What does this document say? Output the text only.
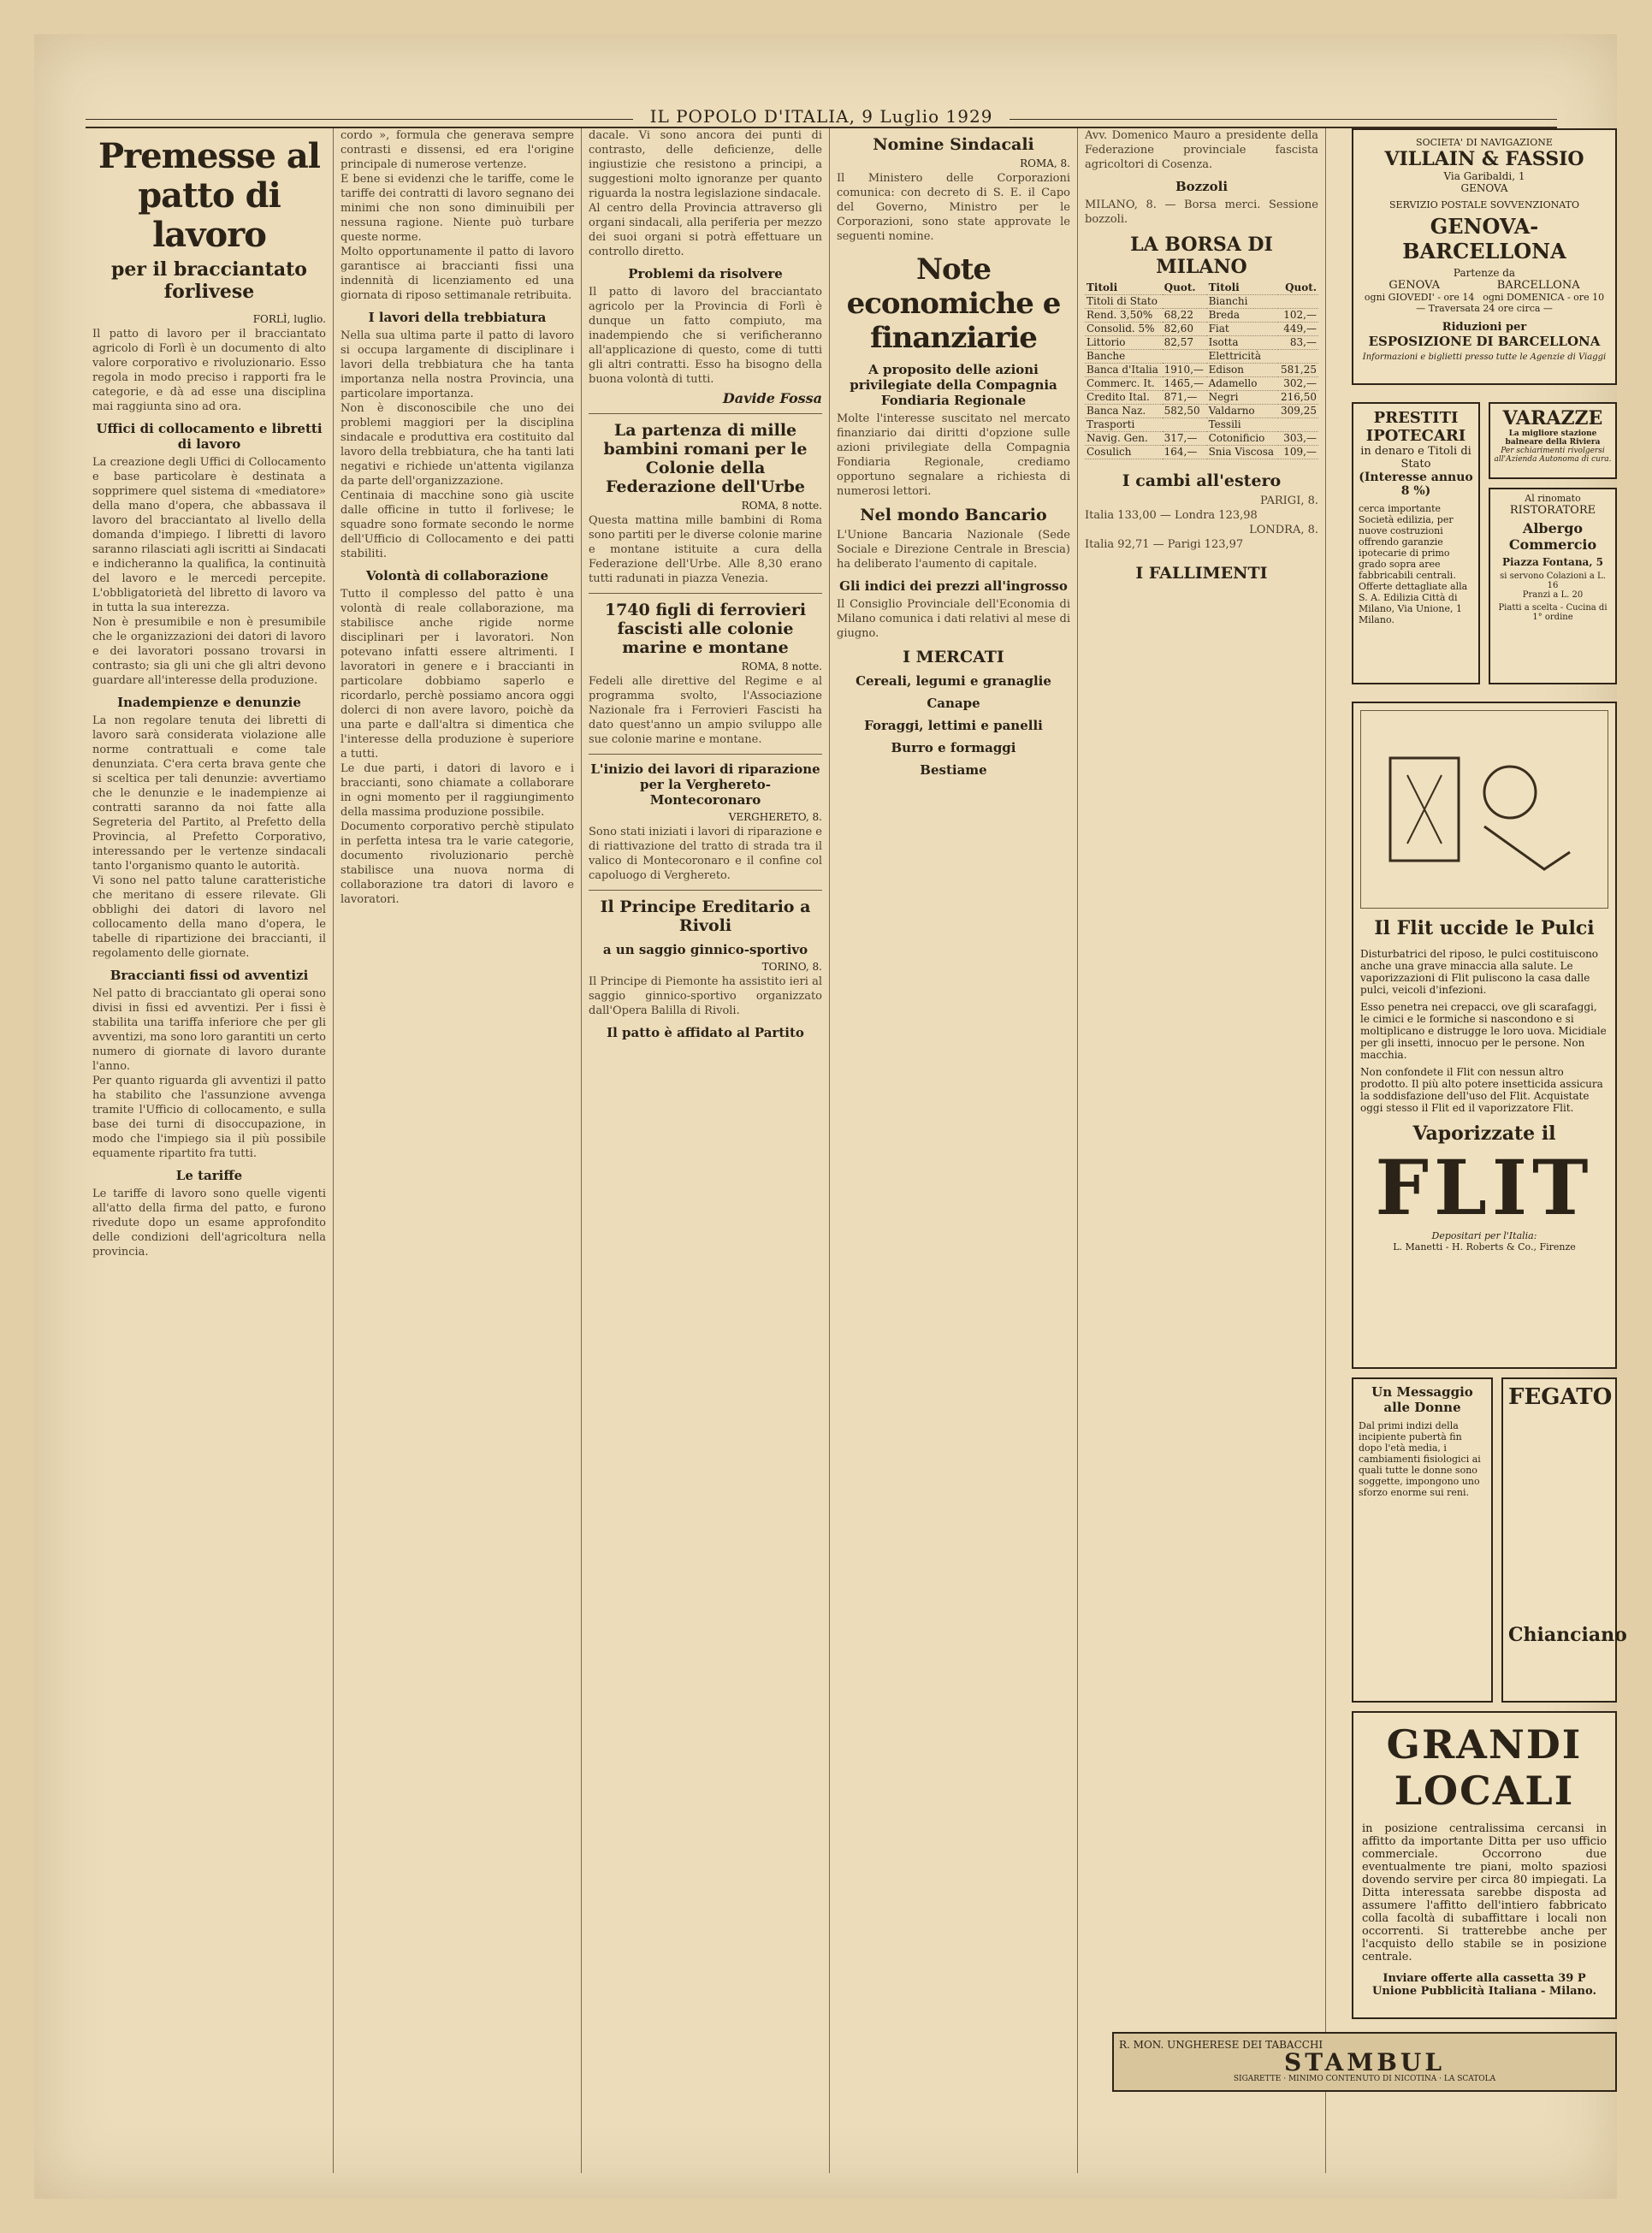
IL POPOLO D'ITALIA, 9 Luglio 1929
Premesse al patto di lavoro
per il bracciantato forlivese
FORLÌ, luglio.
Il patto di lavoro per il bracciantato agricolo di Forlì è un documento di alto valore corporativo e rivoluzionario. Esso regola in modo preciso i rapporti fra le categorie, e dà ad esse una disciplina mai raggiunta sino ad ora.
Uffici di collocamento e libretti di lavoro
La creazione degli Uffici di Collocamento e base particolare è destinata a sopprimere quel sistema di «mediatore» della mano d'opera, che abbassava il lavoro del bracciantato al livello della domanda d'impiego. I libretti di lavoro saranno rilasciati agli iscritti ai Sindacati e indicheranno la qualifica, la continuità del lavoro e le mercedi percepite. L'obbligatorietà del libretto di lavoro va in tutta la sua interezza.
Non è presumibile e non è presumibile che le organizzazioni dei datori di lavoro e dei lavoratori possano trovarsi in contrasto; sia gli uni che gli altri devono guardare all'interesse della produzione.
Inadempienze e denunzie
La non regolare tenuta dei libretti di lavoro sarà considerata violazione alle norme contrattuali e come tale denunziata. C'era certa brava gente che si sceltica per tali denunzie: avvertiamo che le denunzie e le inadempienze ai contratti saranno da noi fatte alla Segreteria del Partito, al Prefetto della Provincia, al Prefetto Corporativo, interessando per le vertenze sindacali tanto l'organismo quanto le autorità.
Vi sono nel patto talune caratteristiche che meritano di essere rilevate. Gli obblighi dei datori di lavoro nel collocamento della mano d'opera, le tabelle di ripartizione dei braccianti, il regolamento delle giornate.
Braccianti fissi od avventizi
Nel patto di bracciantato gli operai sono divisi in fissi ed avventizi. Per i fissi è stabilita una tariffa inferiore che per gli avventizi, ma sono loro garantiti un certo numero di giornate di lavoro durante l'anno.
Per quanto riguarda gli avventizi il patto ha stabilito che l'assunzione avvenga tramite l'Ufficio di collocamento, e sulla base dei turni di disoccupazione, in modo che l'impiego sia il più possibile equamente ripartito fra tutti.
Le tariffe
Le tariffe di lavoro sono quelle vigenti all'atto della firma del patto, e furono rivedute dopo un esame approfondito delle condizioni dell'agricoltura nella provincia.
cordo », formula che generava sempre contrasti e dissensi, ed era l'origine principale di numerose vertenze.
E bene si evidenzi che le tariffe, come le tariffe dei contratti di lavoro segnano dei minimi che non sono diminuibili per nessuna ragione. Niente può turbare queste norme.
Molto opportunamente il patto di lavoro garantisce ai braccianti fissi una indennità di licenziamento ed una giornata di riposo settimanale retribuita.
I lavori della trebbiatura
Nella sua ultima parte il patto di lavoro si occupa largamente di disciplinare i lavori della trebbiatura che ha tanta importanza nella nostra Provincia, una particolare importanza.
Non è disconoscibile che uno dei problemi maggiori per la disciplina sindacale e produttiva era costituito dal lavoro della trebbiatura, che ha tanti lati negativi e richiede un'attenta vigilanza da parte dell'organizzazione.
Centinaia di macchine sono già uscite dalle officine in tutto il forlivese; le squadre sono formate secondo le norme dell'Ufficio di Collocamento e dei patti stabiliti.
Volontà di collaborazione
Tutto il complesso del patto è una volontà di reale collaborazione, ma stabilisce anche rigide norme disciplinari per i lavoratori. Non potevano infatti essere altrimenti. I lavoratori in genere e i braccianti in particolare dobbiamo saperlo e ricordarlo, perchè possiamo ancora oggi dolerci di non avere lavoro, poichè da una parte e dall'altra si dimentica che l'interesse della produzione è superiore a tutti.
Le due parti, i datori di lavoro e i braccianti, sono chiamate a collaborare in ogni momento per il raggiungimento della massima produzione possibile.
Documento corporativo perchè stipulato in perfetta intesa tra le varie categorie, documento rivoluzionario perchè stabilisce una nuova norma di collaborazione tra datori di lavoro e lavoratori.
dacale. Vi sono ancora dei punti di contrasto, delle deficienze, delle ingiustizie che resistono a principi, a suggestioni molto ignoranze per quanto riguarda la nostra legislazione sindacale.
Al centro della Provincia attraverso gli organi sindacali, alla periferia per mezzo dei suoi organi si potrà effettuare un controllo diretto.
Problemi da risolvere
Il patto di lavoro del bracciantato agricolo per la Provincia di Forlì è dunque un fatto compiuto, ma inadempiendo che si verificheranno all'applicazione di questo, come di tutti gli altri contratti. Esso ha bisogno della buona volontà di tutti.
Davide Fossa
La partenza di mille bambini romani per le Colonie della Federazione dell'Urbe
ROMA, 8 notte.
Questa mattina mille bambini di Roma sono partiti per le diverse colonie marine e montane istituite a cura della Federazione dell'Urbe. Alle 8,30 erano tutti radunati in piazza Venezia.
1740 figli di ferrovieri fascisti alle colonie marine e montane
ROMA, 8 notte.
Fedeli alle direttive del Regime e al programma svolto, l'Associazione Nazionale fra i Ferrovieri Fascisti ha dato quest'anno un ampio sviluppo alle sue colonie marine e montane.
L'inizio dei lavori di riparazione per la Verghereto-Montecoronaro
VERGHERETO, 8.
Sono stati iniziati i lavori di riparazione e di riattivazione del tratto di strada tra il valico di Montecoronaro e il confine col capoluogo di Verghereto.
Il Principe Ereditario a Rivoli
a un saggio ginnico-sportivo
TORINO, 8.
Il Principe di Piemonte ha assistito ieri al saggio ginnico-sportivo organizzato dall'Opera Balilla di Rivoli.
Il patto è affidato al Partito
Nomine Sindacali
ROMA, 8.
Il Ministero delle Corporazioni comunica: con decreto di S. E. il Capo del Governo, Ministro per le Corporazioni, sono state approvate le seguenti nomine.
Note economiche e finanziarie
A proposito delle azioni privilegiate della Compagnia Fondiaria Regionale
Molte l'interesse suscitato nel mercato finanziario dai diritti d'opzione sulle azioni privilegiate della Compagnia Fondiaria Regionale, crediamo opportuno segnalare a richiesta di numerosi lettori.
Nel mondo Bancario
L'Unione Bancaria Nazionale (Sede Sociale e Direzione Centrale in Brescia) ha deliberato l'aumento di capitale.
Gli indici dei prezzi all'ingrosso
Il Consiglio Provinciale dell'Economia di Milano comunica i dati relativi al mese di giugno.
I MERCATI
Cereali, legumi e granaglie
Canape
Foraggi, lettimi e panelli
Burro e formaggi
Bestiame
Avv. Domenico Mauro a presidente della Federazione provinciale fascista agricoltori di Cosenza.
Bozzoli
MILANO, 8. — Borsa merci. Sessione bozzoli.
LA BORSA DI MILANO
Titoli	Quot.	Titoli	Quot.
Titoli di Stato		Bianchi	
Rend. 3,50%	68,22	Breda	102,—
Consolid. 5%	82,60	Fiat	449,—
Littorio	82,57	Isotta	83,—
Banche		Elettricità	
Banca d'Italia	1910,—	Edison	581,25
Commerc. It.	1465,—	Adamello	302,—
Credito Ital.	871,—	Negri	216,50
Banca Naz.	582,50	Valdarno	309,25
Trasporti		Tessili	
Navig. Gen.	317,—	Cotonificio	303,—
Cosulich	164,—	Snia Viscosa	109,—
I cambi all'estero
PARIGI, 8.
Italia 133,00 — Londra 123,98
LONDRA, 8.
Italia 92,71 — Parigi 123,97
I FALLIMENTI
SOCIETA' DI NAVIGAZIONE
VILLAIN & FASSIO
Via Garibaldi, 1
GENOVA
SERVIZIO POSTALE SOVVENZIONATO
GENOVA-BARCELLONA
Partenze da
GENOVA	BARCELLONA
ogni GIOVEDI' - ore 14 ogni DOMENICA - ore 10
— Traversata 24 ore circa —
Riduzioni per
ESPOSIZIONE DI BARCELLONA
Informazioni e biglietti presso tutte le Agenzie di Viaggi
PRESTITI IPOTECARI
in denaro e Titoli di Stato
(Interesse annuo 8 %)
cerca importante Società edilizia, per nuove costruzioni offrendo garanzie ipotecarie di primo grado sopra aree fabbricabili centrali. Offerte dettagliate alla S. A. Edilizia Città di Milano, Via Unione, 1 Milano.
VARAZZE
La migliore stazione balneare della Riviera
Per schiarimenti rivolgersi all'Azienda Autonoma di cura.
Al rinomato
RISTORATORE
Albergo Commercio
Piazza Fontana, 5
si servono Colazioni a L. 16
Pranzi a L. 20
Piatti a scelta - Cucina di 1° ordine
Il Flit uccide le Pulci
Disturbatrici del riposo, le pulci costituiscono anche una grave minaccia alla salute. Le vaporizzazioni di Flit puliscono la casa dalle pulci, veicoli d'infezioni.
Esso penetra nei crepacci, ove gli scarafaggi, le cimici e le formiche si nascondono e si moltiplicano e distrugge le loro uova. Micidiale per gli insetti, innocuo per le persone. Non macchia.
Non confondete il Flit con nessun altro prodotto. Il più alto potere insetticida assicura la soddisfazione dell'uso del Flit. Acquistate oggi stesso il Flit ed il vaporizzatore Flit.
Vaporizzate il
FLIT
Depositari per l'Italia:
L. Manetti - H. Roberts & Co., Firenze
Un Messaggio alle Donne
Dal primi indizi della incipiente pubertà fin dopo l'età media, i cambiamenti fisiologici ai quali tutte le donne sono soggette, impongono uno sforzo enorme sui reni.
FEGATO
Chianciano
GRANDI LOCALI
in posizione centralissima cercansi in affitto da importante Ditta per uso ufficio commerciale. Occorrono due eventualmente tre piani, molto spaziosi dovendo servire per circa 80 impiegati. La Ditta interessata sarebbe disposta ad assumere l'affitto dell'intiero fabbricato colla facoltà di subaffittare i locali non occorrenti. Si tratterebbe anche per l'acquisto dello stabile se in posizione centrale.
Inviare offerte alla cassetta 39 P Unione Pubblicità Italiana - Milano.
R. MON. UNGHERESE DEI TABACCHI
STAMBUL
SIGARETTE · MINIMO CONTENUTO DI NICOTINA · LA SCATOLA
